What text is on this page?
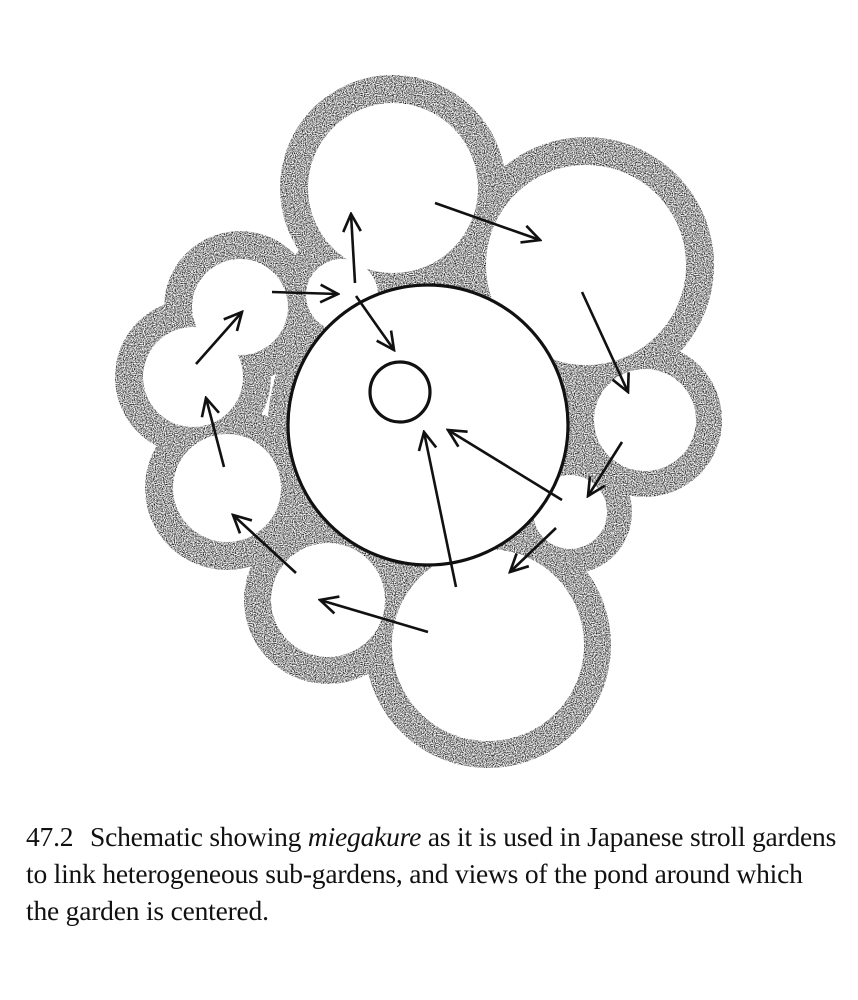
47.2 Schematic showing miegakure as it is used in Japanese stroll gardens to link heterogeneous sub-gardens, and views of the pond around which the garden is centered.
